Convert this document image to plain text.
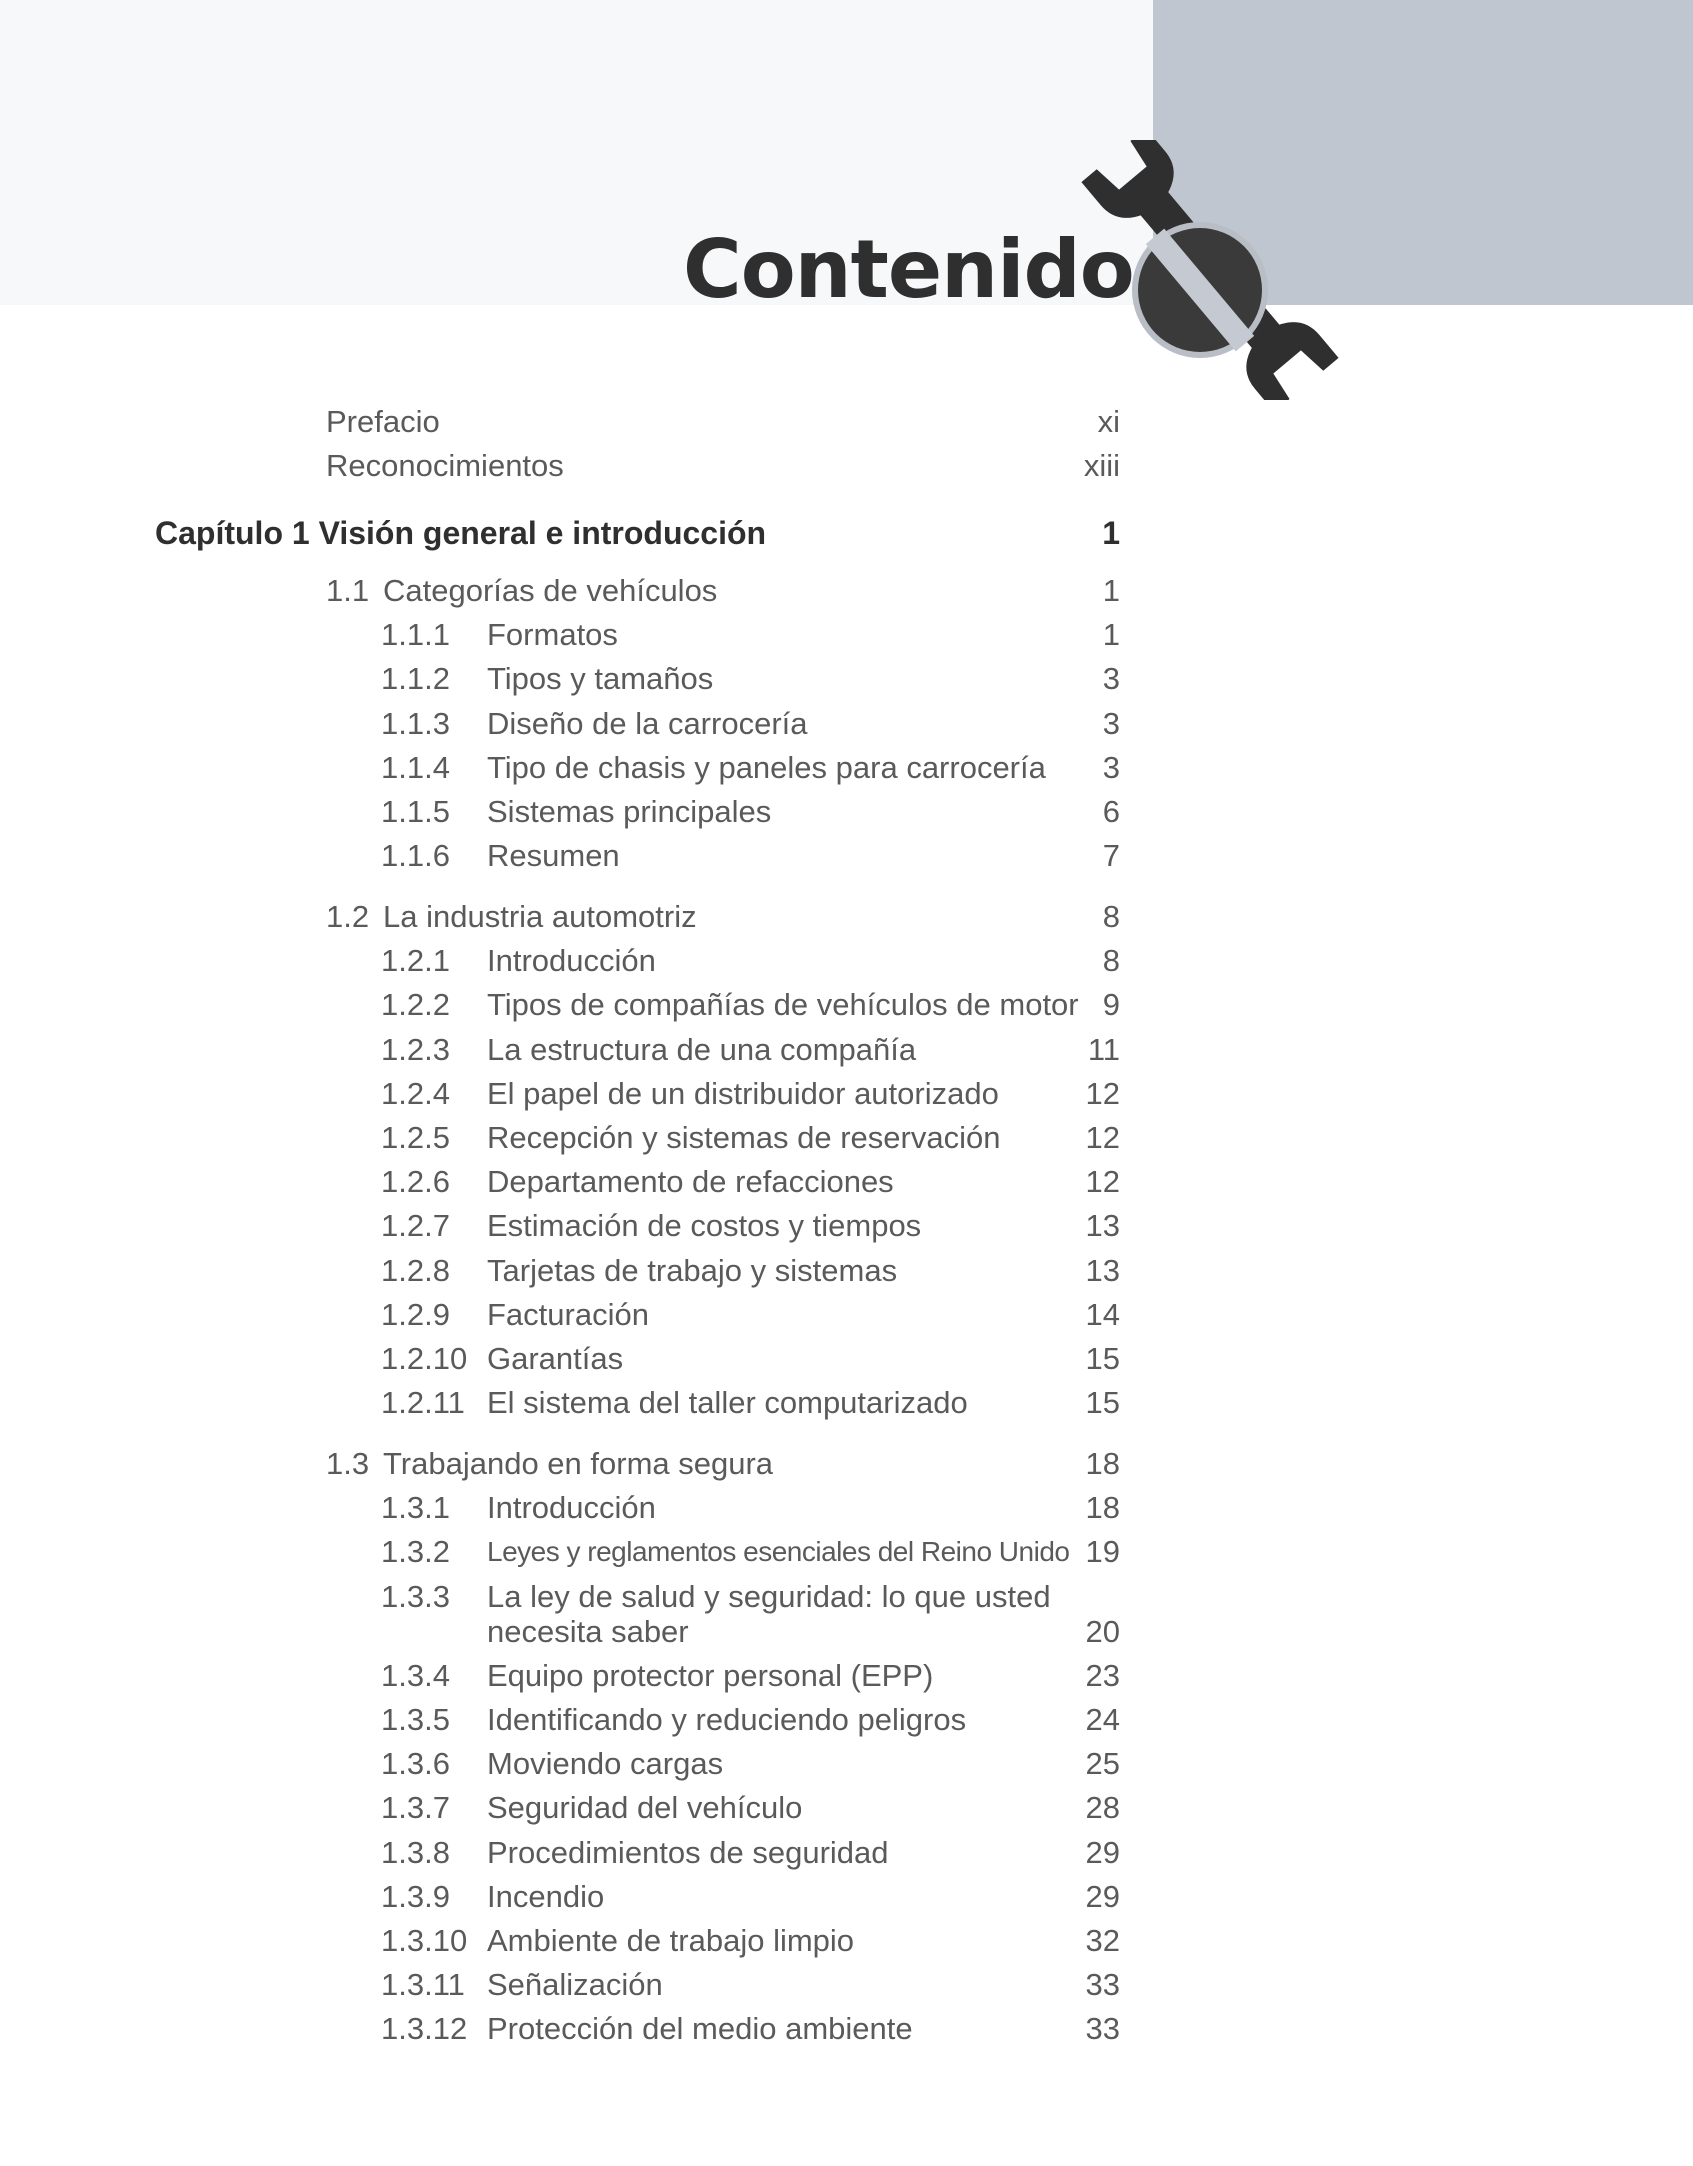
Contenido
Prefacio	xi
Reconocimientos	xiii
Capítulo 1 Visión general e introducción	1
1.1 Categorías de vehículos	1
1.1.1 Formatos	1
1.1.2 Tipos y tamaños	3
1.1.3 Diseño de la carrocería	3
1.1.4 Tipo de chasis y paneles para carrocería 3
1.1.5 Sistemas principales	6
1.1.6 Resumen	7
1.2 La industria automotriz	8
1.2.1 Introducción	8
1.2.2 Tipos de compañías de vehículos de motor 9
1.2.3 La estructura de una compañía	11
1.2.4 El papel de un distribuidor autorizado	12
1.2.5 Recepción y sistemas de reservación	12
1.2.6 Departamento de refacciones	12
1.2.7 Estimación de costos y tiempos	13
1.2.8 Tarjetas de trabajo y sistemas	13
1.2.9 Facturación	14
1.2.10 Garantías	15
1.2.11 El sistema del taller computarizado	15
1.3 Trabajando en forma segura	18
1.3.1 Introducción	18
1.3.2 Leyes y reglamentos esenciales del Reino Unido 19
1.3.3 La ley de salud y seguridad: lo que usted
necesita saber	20
1.3.4 Equipo protector personal (EPP)	23
1.3.5 Identificando y reduciendo peligros	24
1.3.6 Moviendo cargas	25
1.3.7 Seguridad del vehículo	28
1.3.8 Procedimientos de seguridad	29
1.3.9 Incendio	29
1.3.10 Ambiente de trabajo limpio	32
1.3.11 Señalización	33
1.3.12 Protección del medio ambiente	33
